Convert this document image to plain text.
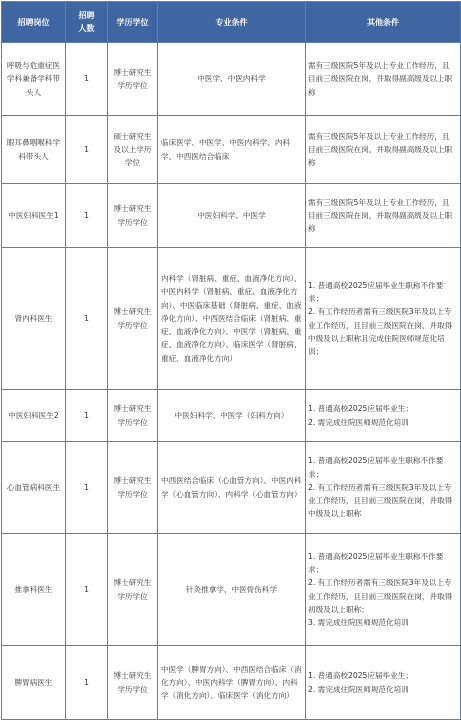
招聘岗位	招聘人数	学历学位	专业条件	其他条件
呼吸与危重症医学科兼备学科带头人	1	博士研究生学历学位	中医学、中医内科学	需有三级医院5年及以上专业工作经历，且目前三级医院在岗，并取得副高级及以上职称

眼耳鼻咽喉科学科带头人	1	硕士研究生及以上学历学位	临床医学、中医学、中医内科学、内科学、中西医结合临床	需有三级医院5年及以上专业工作经历，且目前三级医院在岗，并取得副高级及以上职称

中医妇科医生1	1	博士研究生学历学位	中医妇科学、中医学	需有三级医院5年及以上专业工作经历，且目前三级医院在岗，并取得副高级及以上职称

肾内科医生	1	博士研究生学历学位	内科学（肾脏病、重症、血液净化方向）、中医内科学（肾脏病、重症、血液净化方向）、中医临床基础（肾脏病、重症、血液净化方向）、中西医结合临床（肾脏病、重症、血液净化方向）、中医学（肾脏病、重症、血液净化方向）、临床医学（肾脏病、重症、血液净化方向）	1. 普通高校2025应届毕业生职称不作要求；
2. 有工作经历者需有三级医院3年及以上专业工作经历，且目前三级医院在岗，并取得中级及以上职称且完成住院医师规范化培训；

中医妇科医生2	1	博士研究生学历学位	中医妇科学、中医学（妇科方向）	1. 普通高校2025应届毕业生；
2. 需完成住院医师规范化培训

心血管病科医生	1	博士研究生学历学位	中西医结合临床（心血管方向）、中医内科学（心血管方向）、内科学（心血管方向）	1. 普通高校2025应届毕业生职称不作要求；
2. 有工作经历者需有三级医院3年及以上专业工作经历，且目前三级医院在岗，并取得中级及以上职称

推拿科医生	1	博士研究生学历学位	针灸推拿学、中医骨伤科学	1. 普通高校2025应届毕业生职称不作要求；
2. 有工作经历者需有三级医院3年及以上专业工作经历，且目前三级医院在岗，并取得初级及以上职称；
3. 需完成住院医师规范化培训

脾胃病医生	1	博士研究生学历学位	中医学（脾胃方向）、中西医结合临床（消化方向）、中医内科学（脾胃方向）、内科学（消化方向）、临床医学（消化方向）	1. 普通高校2025应届毕业生；
2. 需完成住院医师规范化培训
